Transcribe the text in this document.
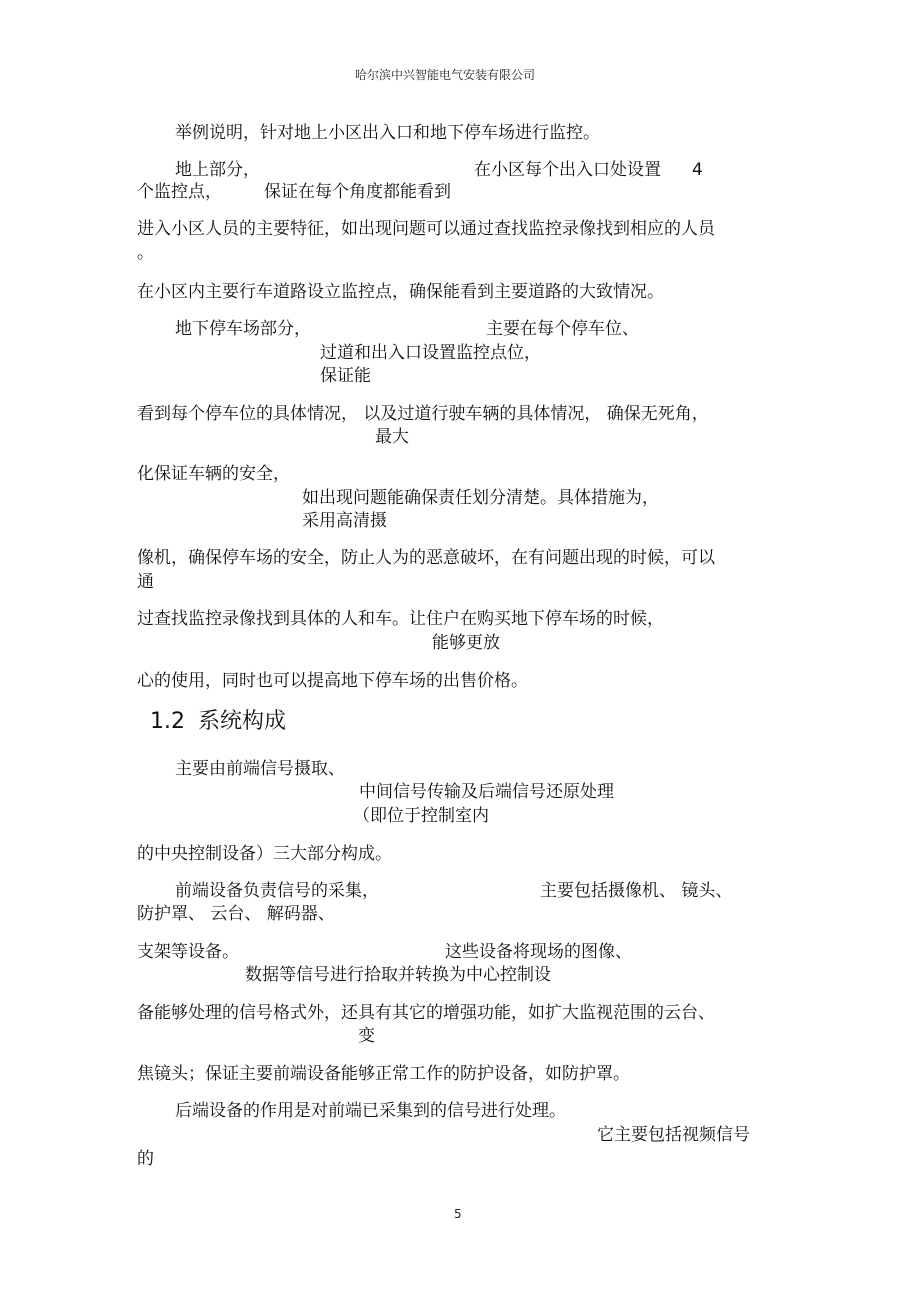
哈尔滨中兴智能电气安装有限公司
举例说明，针对地上小区出入口和地下停车场进行监控。
地上部分，	在小区每个出入口处设置 4
个监控点， 保证在每个角度都能看到
进入小区人员的主要特征，如出现问题可以通过查找监控录像找到相应的人员
。
在小区内主要行车道路设立监控点，确保能看到主要道路的大致情况。
地下停车场部分，	主要在每个停车位、
过道和出入口设置监控点位，
保证能
看到每个停车位的具体情况， 以及过道行驶车辆的具体情况， 确保无死角，
最大
化保证车辆的安全，
如出现问题能确保责任划分清楚。具体措施为，
采用高清摄
像机，确保停车场的安全，防止人为的恶意破坏，在有问题出现的时候，可以
通
过查找监控录像找到具体的人和车。让住户在购买地下停车场的时候，
能够更放
心的使用，同时也可以提高地下停车场的出售价格。
1.2 系统构成
主要由前端信号摄取、
中间信号传输及后端信号还原处理
（即位于控制室内
的中央控制设备）三大部分构成。
前端设备负责信号的采集，	主要包括摄像机、 镜头、
防护罩、 云台、 解码器、
支架等设备。	这些设备将现场的图像、
数据等信号进行拾取并转换为中心控制设
备能够处理的信号格式外，还具有其它的增强功能，如扩大监视范围的云台、
变
焦镜头；保证主要前端设备能够正常工作的防护设备，如防护罩。
后端设备的作用是对前端已采集到的信号进行处理。
它主要包括视频信号
的
5
